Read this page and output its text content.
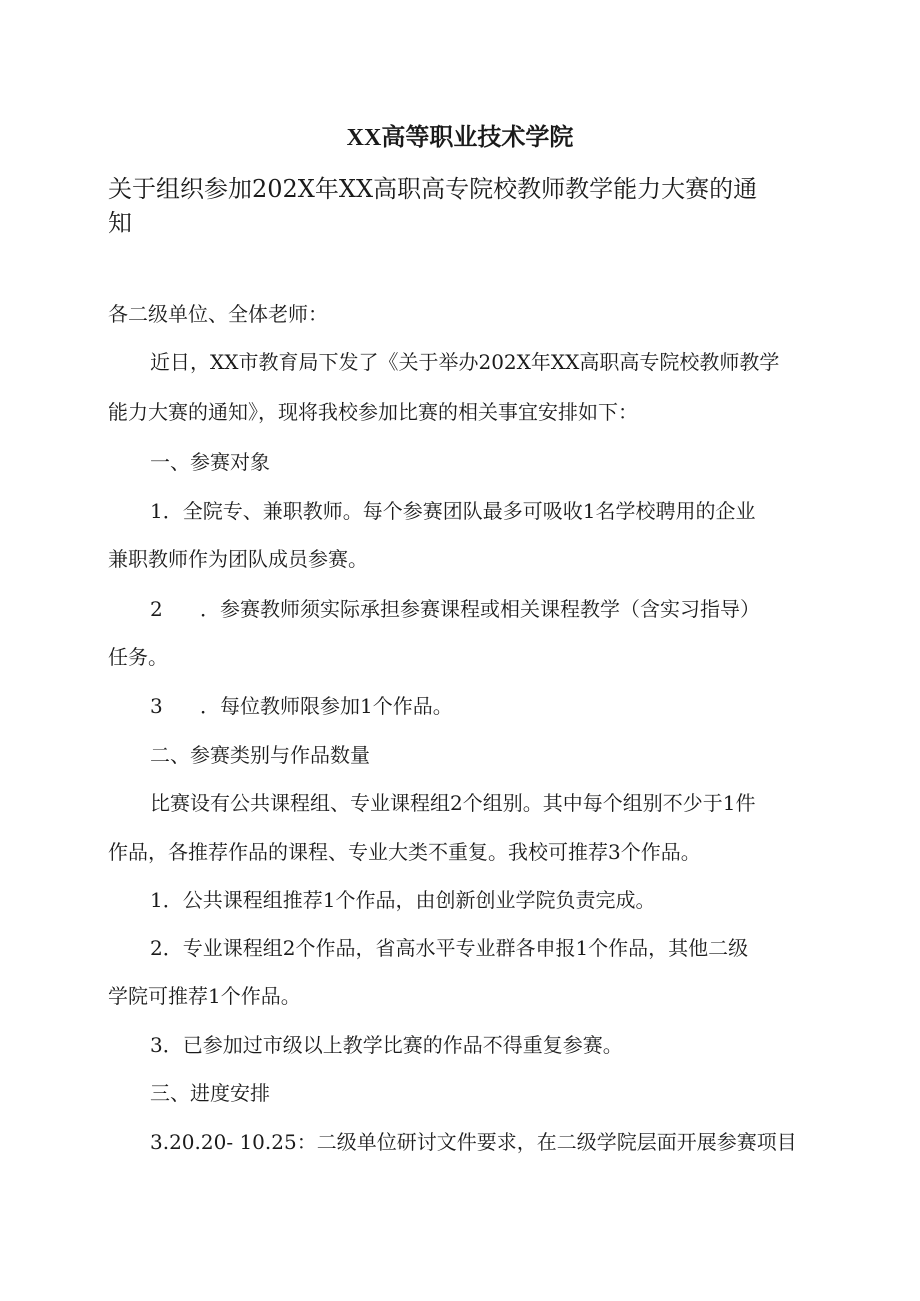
XX高等职业技术学院
关于组织参加202X年XX高职高专院校教师教学能力大赛的通
知
各二级单位、全体老师：
近日，XX市教育局下发了《关于举办202X年XX高职高专院校教师教学
能力大赛的通知》，现将我校参加比赛的相关事宜安排如下：
一、参赛对象
1．全院专、兼职教师。每个参赛团队最多可吸收1名学校聘用的企业
兼职教师作为团队成员参赛。
2 ．参赛教师须实际承担参赛课程或相关课程教学（含实习指导）
任务。
3 ．每位教师限参加1个作品。
二、参赛类别与作品数量
比赛设有公共课程组、专业课程组2个组别。其中每个组别不少于1件
作品，各推荐作品的课程、专业大类不重复。我校可推荐3个作品。
1．公共课程组推荐1个作品，由创新创业学院负责完成。
2．专业课程组2个作品，省高水平专业群各申报1个作品，其他二级
学院可推荐1个作品。
3．已参加过市级以上教学比赛的作品不得重复参赛。
三、进度安排
3.20.20- 10.25：二级单位研讨文件要求，在二级学院层面开展参赛项目
